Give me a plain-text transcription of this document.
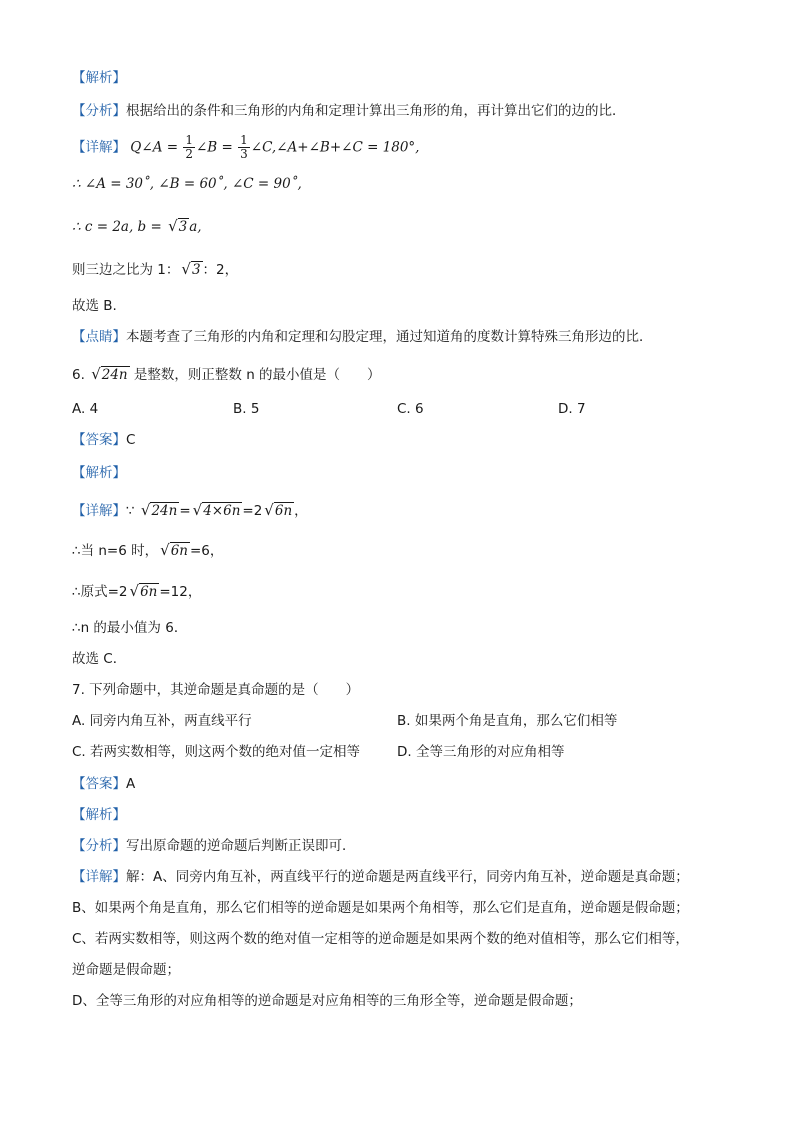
【解析】
【分析】根据给出的条件和三角形的内角和定理计算出三角形的角，再计算出它们的边的比．
【详解】 Q∠A = $\frac{1}{2}$ ∠B = $\frac{1}{3}$ ∠C,∠A+∠B+∠C = 180°,
∴ ∠A = 30˚, ∠B = 60˚, ∠C = 90˚,
∴ c = 2a, b = √3 a,
则三边之比为 1： √3 ：2，
故选 B.
【点睛】本题考查了三角形的内角和定理和勾股定理，通过知道角的度数计算特殊三角形边的比．
6. √24n 是整数，则正整数 n 的最小值是（　　）
A. 4	B. 5	C. 6	D. 7
【答案】C
【解析】
【详解】∵ √24n = √4×6n =2 √6n ，
∴当 n=6 时， √6n =6，
∴原式=2 √6n =12，
∴n 的最小值为 6．
故选 C．
7. 下列命题中，其逆命题是真命题的是（　　）
A. 同旁内角互补，两直线平行	B. 如果两个角是直角，那么它们相等
C. 若两实数相等，则这两个数的绝对值一定相等	D. 全等三角形的对应角相等
【答案】A
【解析】
【分析】写出原命题的逆命题后判断正误即可．
【详解】解：A、同旁内角互补，两直线平行的逆命题是两直线平行，同旁内角互补，逆命题是真命题；
B、如果两个角是直角，那么它们相等的逆命题是如果两个角相等，那么它们是直角，逆命题是假命题；
C、若两实数相等，则这两个数的绝对值一定相等的逆命题是如果两个数的绝对值相等，那么它们相等，
逆命题是假命题；
D、全等三角形的对应角相等的逆命题是对应角相等的三角形全等，逆命题是假命题；
